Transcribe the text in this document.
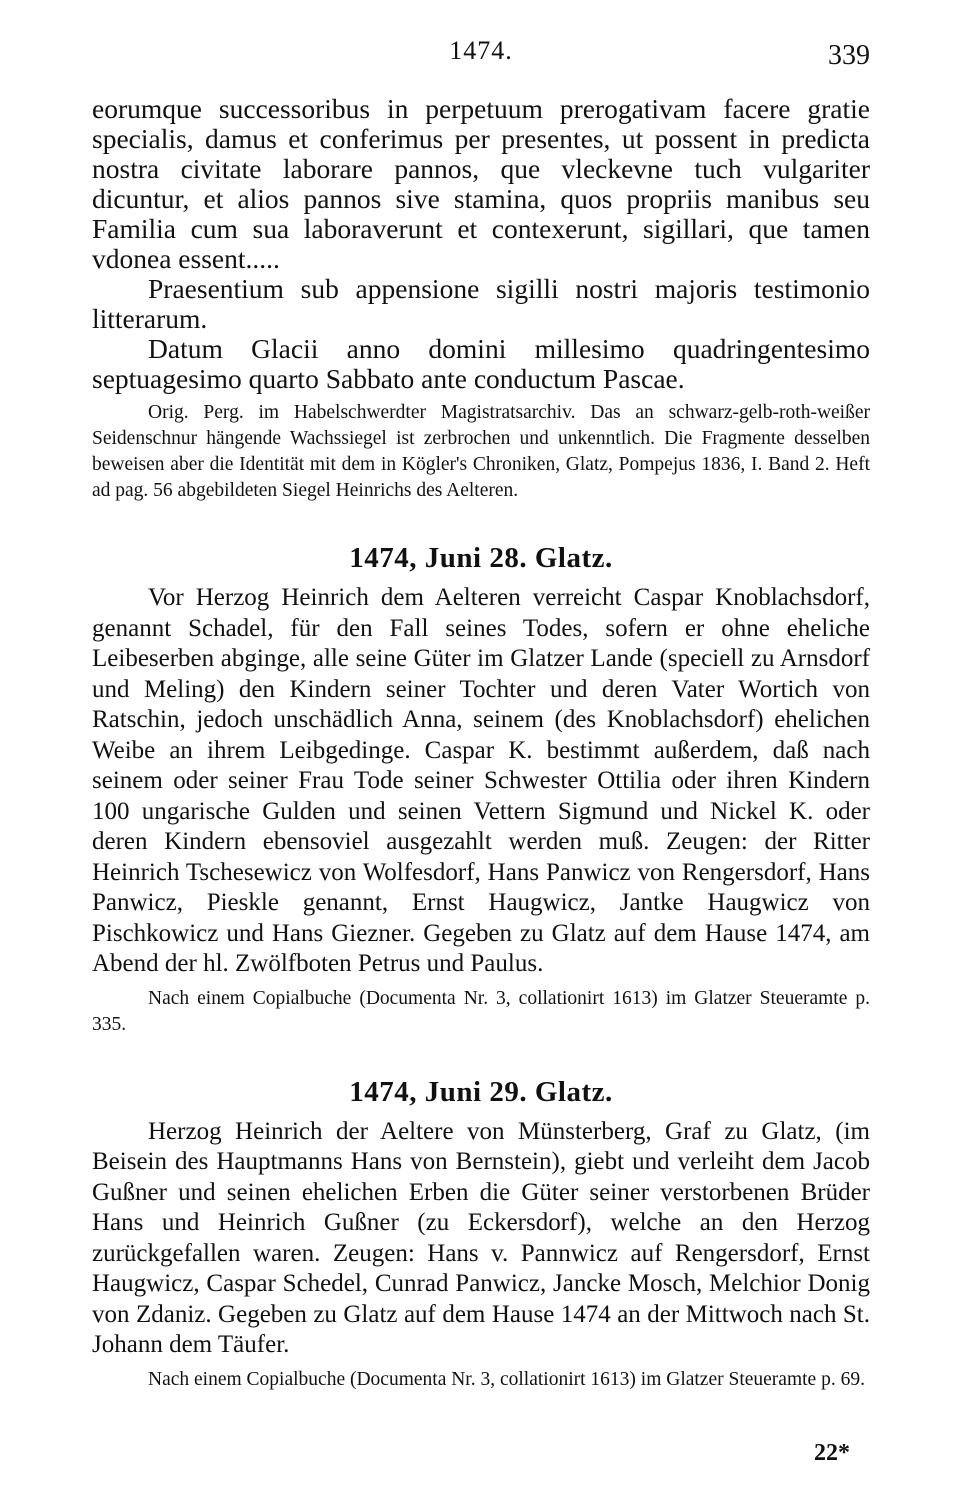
1474.	339

eorumque successoribus in perpetuum prerogativam facere gratie specialis, damus et conferimus per presentes, ut possent in predicta nostra civitate laborare pannos, que vleckevne tuch vulgariter dicuntur, et alios pannos sive stamina, quos propriis manibus seu Familia cum sua laboraverunt et contexerunt, sigillari, que tamen vdonea essent.....

Praesentium sub appensione sigilli nostri majoris testimonio litterarum.

Datum Glacii anno domini millesimo quadringentesimo septuagesimo quarto Sabbato ante conductum Pascae.

Orig. Perg. im Habelschwerdter Magistratsarchiv. Das an schwarz-gelb-roth-weißer Seidenschnur hängende Wachssiegel ist zerbrochen und unkenntlich. Die Fragmente desselben beweisen aber die Identität mit dem in Kögler's Chroniken, Glatz, Pompejus 1836, I. Band 2. Heft ad pag. 56 abgebildeten Siegel Heinrichs des Aelteren.

1474, Juni 28. Glatz.

Vor Herzog Heinrich dem Aelteren verreicht Caspar Knoblachsdorf, genannt Schadel, für den Fall seines Todes, sofern er ohne eheliche Leibeserben abginge, alle seine Güter im Glatzer Lande (speciell zu Arnsdorf und Meling) den Kindern seiner Tochter und deren Vater Wortich von Ratschin, jedoch unschädlich Anna, seinem (des Knoblachsdorf) ehelichen Weibe an ihrem Leibgedinge. Caspar K. bestimmt außerdem, daß nach seinem oder seiner Frau Tode seiner Schwester Ottilia oder ihren Kindern 100 ungarische Gulden und seinen Vettern Sigmund und Nickel K. oder deren Kindern ebensoviel ausgezahlt werden muß. Zeugen: der Ritter Heinrich Tschesewicz von Wolfesdorf, Hans Panwicz von Rengersdorf, Hans Panwicz, Pieskle genannt, Ernst Haugwicz, Jantke Haugwicz von Pischkowicz und Hans Giezner. Gegeben zu Glatz auf dem Hause 1474, am Abend der hl. Zwölfboten Petrus und Paulus.

Nach einem Copialbuche (Documenta Nr. 3, collationirt 1613) im Glatzer Steueramte p. 335.

1474, Juni 29. Glatz.

Herzog Heinrich der Aeltere von Münsterberg, Graf zu Glatz, (im Beisein des Hauptmanns Hans von Bernstein), giebt und verleiht dem Jacob Gußner und seinen ehelichen Erben die Güter seiner verstorbenen Brüder Hans und Heinrich Gußner (zu Eckersdorf), welche an den Herzog zurückgefallen waren. Zeugen: Hans v. Pannwicz auf Rengersdorf, Ernst Haugwicz, Caspar Schedel, Cunrad Panwicz, Jancke Mosch, Melchior Donig von Zdaniz. Gegeben zu Glatz auf dem Hause 1474 an der Mittwoch nach St. Johann dem Täufer.

Nach einem Copialbuche (Documenta Nr. 3, collationirt 1613) im Glatzer Steueramte p. 69.

22*
